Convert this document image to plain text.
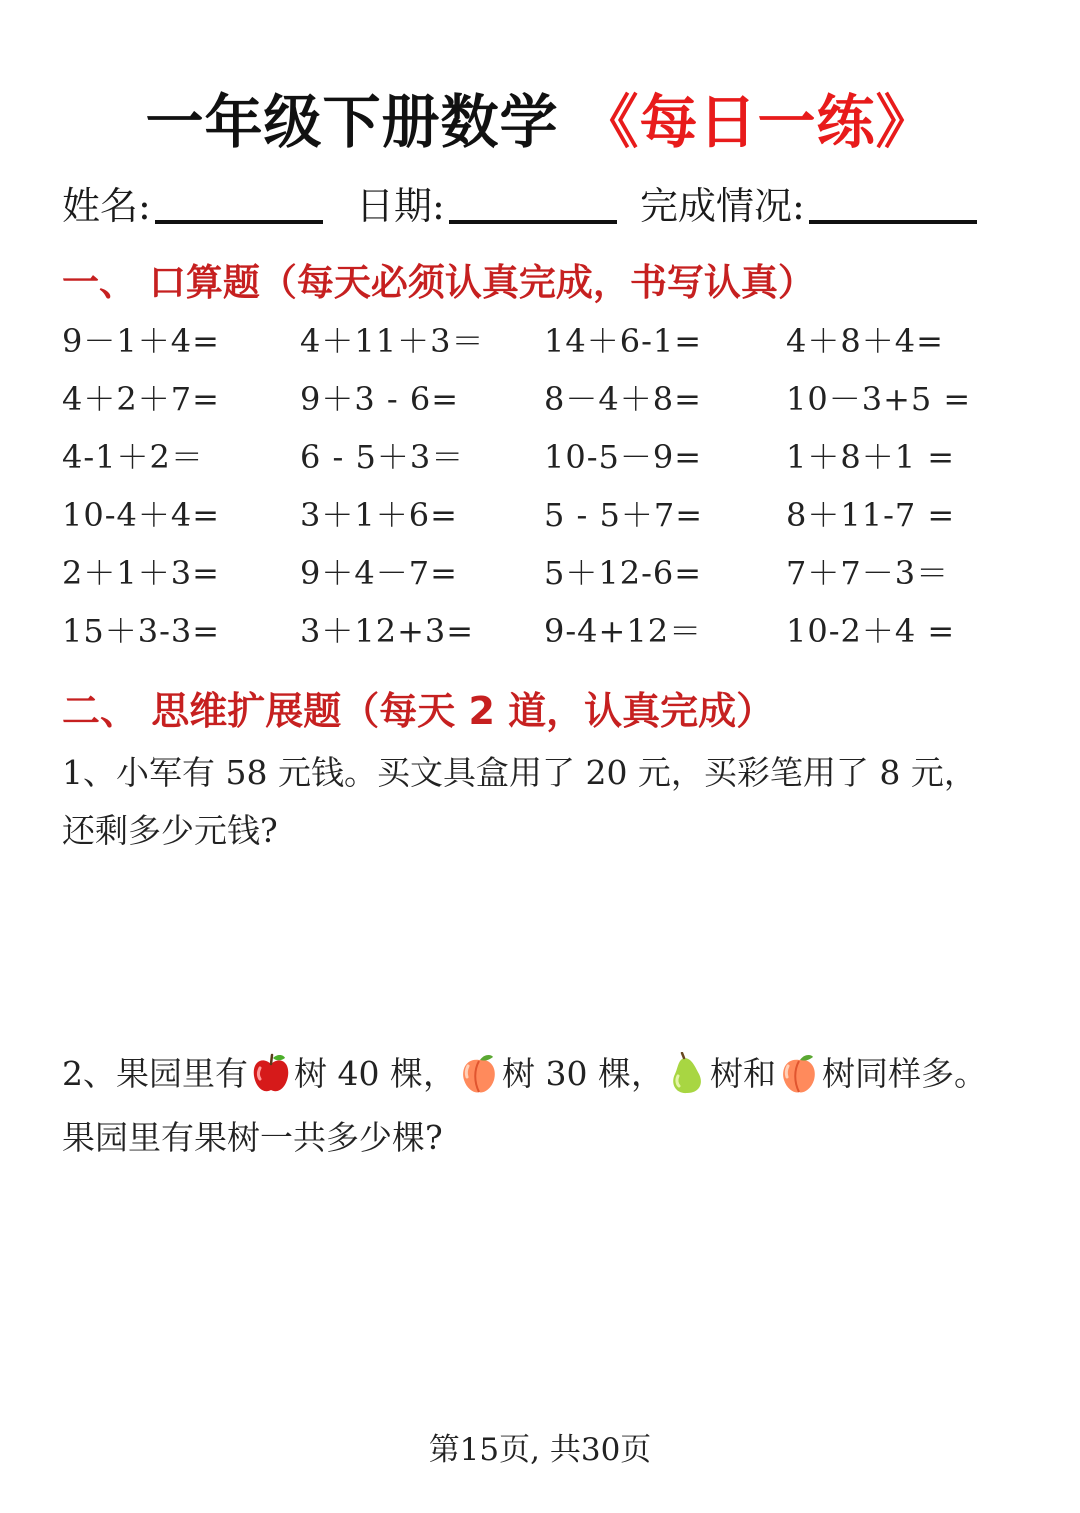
一年级下册数学 《每日一练》
姓名:	日期:	完成情况:
一、 口算题（每天必须认真完成，书写认真）
9－1＋4=	4＋11＋3＝	14＋6-1=	4＋8＋4=
4＋2＋7=	9＋3 - 6=	8－4＋8=	10－3+5 =
4-1＋2＝	6 - 5＋3＝	10-5－9=	1＋8＋1 =
10-4＋4=	3＋1＋6=	5 - 5＋7=	8＋11-7 =
2＋1＋3=	9＋4－7=	5＋12-6=	7＋7－3＝
15＋3-3=	3＋12+3=	9-4+12＝	10-2＋4 =
二、 思维扩展题（每天 2 道，认真完成）
1、小军有 58 元钱。买文具盒用了 20 元，买彩笔用了 8 元，
还剩多少元钱?
2、果园里有 树 40 棵， 树 30 棵， 树和 树同样多。
果园里有果树一共多少棵?
第15页, 共30页
